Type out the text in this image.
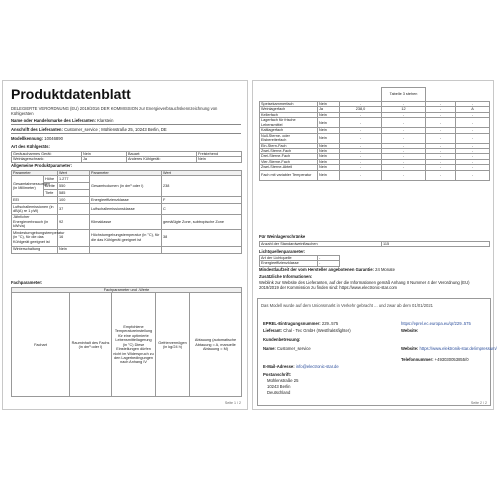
Produktdatenblatt
DELEGIERTE VERORDNUNG (EU) 2019/2016 DER KOMMISSION zur Energieverbrauchskennzeichnung von Kühlgeräten
Name oder Handelsmarke des Lieferanten: Klarstein
Anschrift des Lieferanten: Customer_service ; Mühlenstraße 25, 10243 Berlin, DE
Modellkennung: 10046890
Art des Kühlgeräts:
Geräuscharmes Gerät:	Nein	Bauart:	Freistehend
Weinlagerschrank:	Ja	Anderes Kühlgerät:	Nein
Allgemeine Produktparameter:
Parameter		Wert	Parameter	Wert
Gesamtabmessungen (in Millimeter)	Höhe	1.277	Gesamtvolumen (in dm³ oder l)	238
	Breite	550		
	Tiefe	585		
EEI		100	Energieeffizienzklasse	F
Luftschallemissionen (in dB(A) re 1 pW)		37	Luftschallemissionsklasse	C
Jährlicher Energieverbrauch (in kWh/a)		92	Klimaklasse	gemäßigte Zone, subtropische Zone
Mindestumgebungstemperatur (in °C), für die das Kühlgerät geeignet ist		16	Höchstumgebungstemperatur (in °C), für die das Kühlgerät geeignet ist	38
Winterschaltung		Nein		
Fachparameter:
Fachparameter und -Werte
Fachart	Rauminhalt des Fachs (in dm³ oder l)	Empfohlene Temperatureinstellung für eine optimierte Lebensmittellagerung (in °C) Diese Einstellungen dürfen nicht im Widerspruch zu den Lagerbedingungen nach Anhang IV	Gefriervermögen (in kg/24 h)	Abtauung (automatische Abtauung = A, manuelle Abtauung = M)
Seite 1 / 2
			Tabelle 3 stehen		
Speisekammerfach	Nein	-	-	-	-
Weinlagerfach	Ja	238,0	12	-	A
Kellerfach	Nein	-	-	-	-
Lagerfach für frische Lebensmittel	Nein	-	-	-	-
Kaltlagerfach	Nein	-	-	-	-
Null-Sterne- oder Eisbereiterfach	Nein	-	-	-	-
Ein-Stern-Fach	Nein	-	-	-	-
Zwei-Sterne-Fach	Nein	-	-	-	-
Drei-Sterne-Fach	Nein	-	-	-	-
Vier-Sterne-Fach	Nein	-	-	-	-
Zwei-Sterne-Abteil	Nein	-	-	-	-
Fach mit variabler Temperatur	Nein	-	-	-	-
Für Weinlagerschränke
Anzahl der Standardweinflaschen	115
Lichtquellenparameter:
Art der Lichtquelle	-	
Energieeffizienzklasse	-	
Mindestlaufzeit der vom Hersteller angebotenen Garantie: 24 Monate
Zusätzliche Informationen:
Weblink zur Website des Lieferanten, auf der die Informationen gemäß Anhang II Nummer 4 der Verordnung (EU) 2019/2019 der Kommission zu finden sind: https://www.electronic-star.com
Das Modell wurde auf dem Unionsmarkt in Verkehr gebracht ... und zwar ab dem 01/01/2021
EPREL-Eintragungsnummer: 229..575	https://eprel.ec.europa.eu/qr/229..575
Lieferant: Chal - Tec GmbH (Westfraktsfighter)	Website:
Kundenbetreuung:
Name: Customer_service	Website: https://www.elektronik-star.de/impressum/
Telefonnummer: +493030053855/0
E-Mail-Adresse: info@electronic-star.de
Postanschrift:
Mühlenstraße 25
10243 Berlin
Deutschland
Seite 2 / 2
